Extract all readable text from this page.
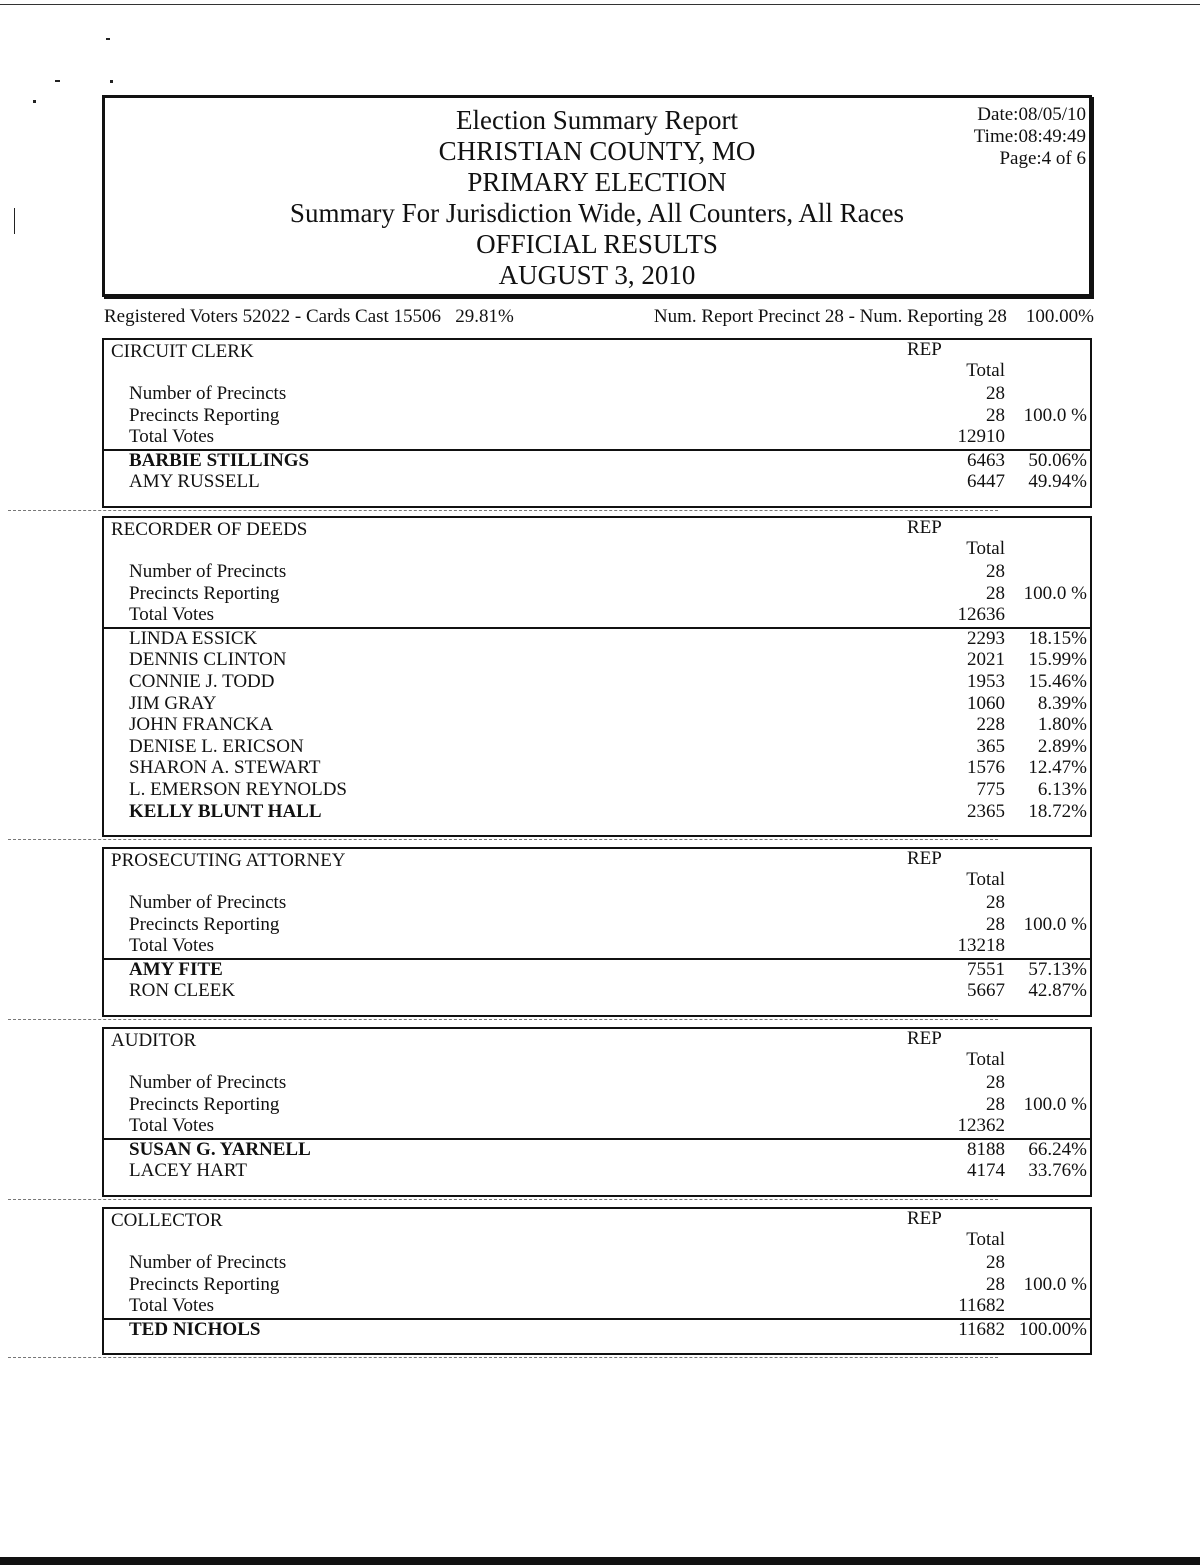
Election Summary Report
CHRISTIAN COUNTY, MO
PRIMARY ELECTION
Summary For Jurisdiction Wide, All Counters, All Races
OFFICIAL RESULTS
AUGUST 3, 2010
Date:08/05/10
Time:08:49:49
Page:4 of 6
Registered Voters 52022 - Cards Cast 15506   29.81%	Num. Report Precinct 28 - Num. Reporting 28    100.00%
CIRCUIT CLERK	REP
Total
Number of Precincts	28
Precincts Reporting	28 100.0 %
Total Votes	12910
BARBIE STILLINGS	6463 50.06%
AMY RUSSELL	6447 49.94%
RECORDER OF DEEDS	REP
Total
Number of Precincts	28
Precincts Reporting	28 100.0 %
Total Votes	12636
LINDA ESSICK	2293 18.15%
DENNIS CLINTON	2021 15.99%
CONNIE J. TODD	1953 15.46%
JIM GRAY	1060 8.39%
JOHN FRANCKA	228 1.80%
DENISE L. ERICSON	365 2.89%
SHARON A. STEWART	1576 12.47%
L. EMERSON REYNOLDS	775 6.13%
KELLY BLUNT HALL	2365 18.72%
PROSECUTING ATTORNEY	REP
Total
Number of Precincts	28
Precincts Reporting	28 100.0 %
Total Votes	13218
AMY FITE	7551 57.13%
RON CLEEK	5667 42.87%
AUDITOR	REP
Total
Number of Precincts	28
Precincts Reporting	28 100.0 %
Total Votes	12362
SUSAN G. YARNELL	8188 66.24%
LACEY HART	4174 33.76%
COLLECTOR	REP
Total
Number of Precincts	28
Precincts Reporting	28 100.0 %
Total Votes	11682
TED NICHOLS	11682 100.00%
